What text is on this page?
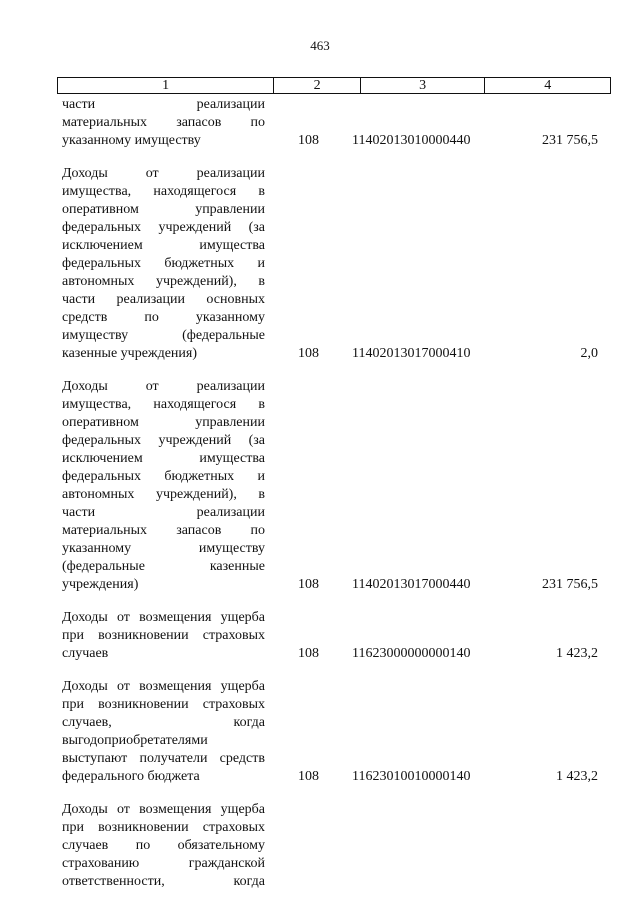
463
1	2	3	4
части реализации
материальных запасов по
указанному имуществу	108	11402013010000440	231 756,5
Доходы от реализации
имущества, находящегося в
оперативном управлении
федеральных учреждений (за
исключением имущества
федеральных бюджетных и
автономных учреждений), в
части реализации основных
средств по указанному
имуществу (федеральные
казенные учреждения)	108	11402013017000410	2,0
Доходы от реализации
имущества, находящегося в
оперативном управлении
федеральных учреждений (за
исключением имущества
федеральных бюджетных и
автономных учреждений), в
части реализации
материальных запасов по
указанному имуществу
(федеральные казенные
учреждения)	108	11402013017000440	231 756,5
Доходы от возмещения ущерба
при возникновении страховых
случаев	108	11623000000000140	1 423,2
Доходы от возмещения ущерба
при возникновении страховых
случаев, когда
выгодоприобретателями
выступают получатели средств
федерального бюджета	108	11623010010000140	1 423,2
Доходы от возмещения ущерба
при возникновении страховых
случаев по обязательному
страхованию гражданской
ответственности, когда
